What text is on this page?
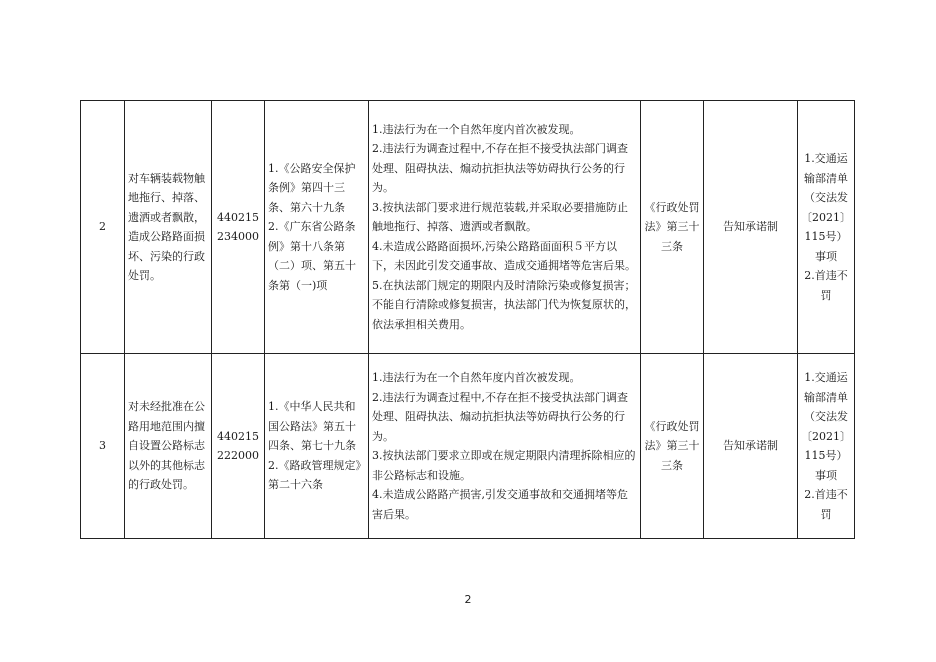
2	对车辆装载物触地拖行、掉落、遗洒或者飘散，造成公路路面损坏、污染的行政处罚。	440215234000	1.《公路安全保护条例》第四十三条、第六十九条
2.《广东省公路条例》第十八条第（二）项、第五十条第（一)项	1.违法行为在一个自然年度内首次被发现。
2.违法行为调查过程中,不存在拒不接受执法部门调查处理、阻碍执法、煽动抗拒执法等妨碍执行公务的行为。
3.按执法部门要求进行规范装载,并采取必要措施防止触地拖行、掉落、遗洒或者飘散。
4.未造成公路路面损坏,污染公路路面面积５平方以下，未因此引发交通事故、造成交通拥堵等危害后果。
5.在执法部门规定的期限内及时清除污染或修复损害；不能自行清除或修复损害，执法部门代为恢复原状的，依法承担相关费用。	《行政处罚法》第三十三条	告知承诺制	1.交通运输部清单（交法发〔2021〕115号）事项
2.首违不罚

3	对未经批准在公路用地范围内擅自设置公路标志以外的其他标志的行政处罚。	440215222000	1.《中华人民共和国公路法》第五十四条、第七十九条
2.《路政管理规定》第二十六条	1.违法行为在一个自然年度内首次被发现。
2.违法行为调查过程中,不存在拒不接受执法部门调查处理、阻碍执法、煽动抗拒执法等妨碍执行公务的行为。
3.按执法部门要求立即或在规定期限内清理拆除相应的非公路标志和设施。
4.未造成公路路产损害,引发交通事故和交通拥堵等危害后果。	《行政处罚法》第三十三条	告知承诺制	1.交通运输部清单（交法发〔2021〕115号）事项
2.首违不罚
2
